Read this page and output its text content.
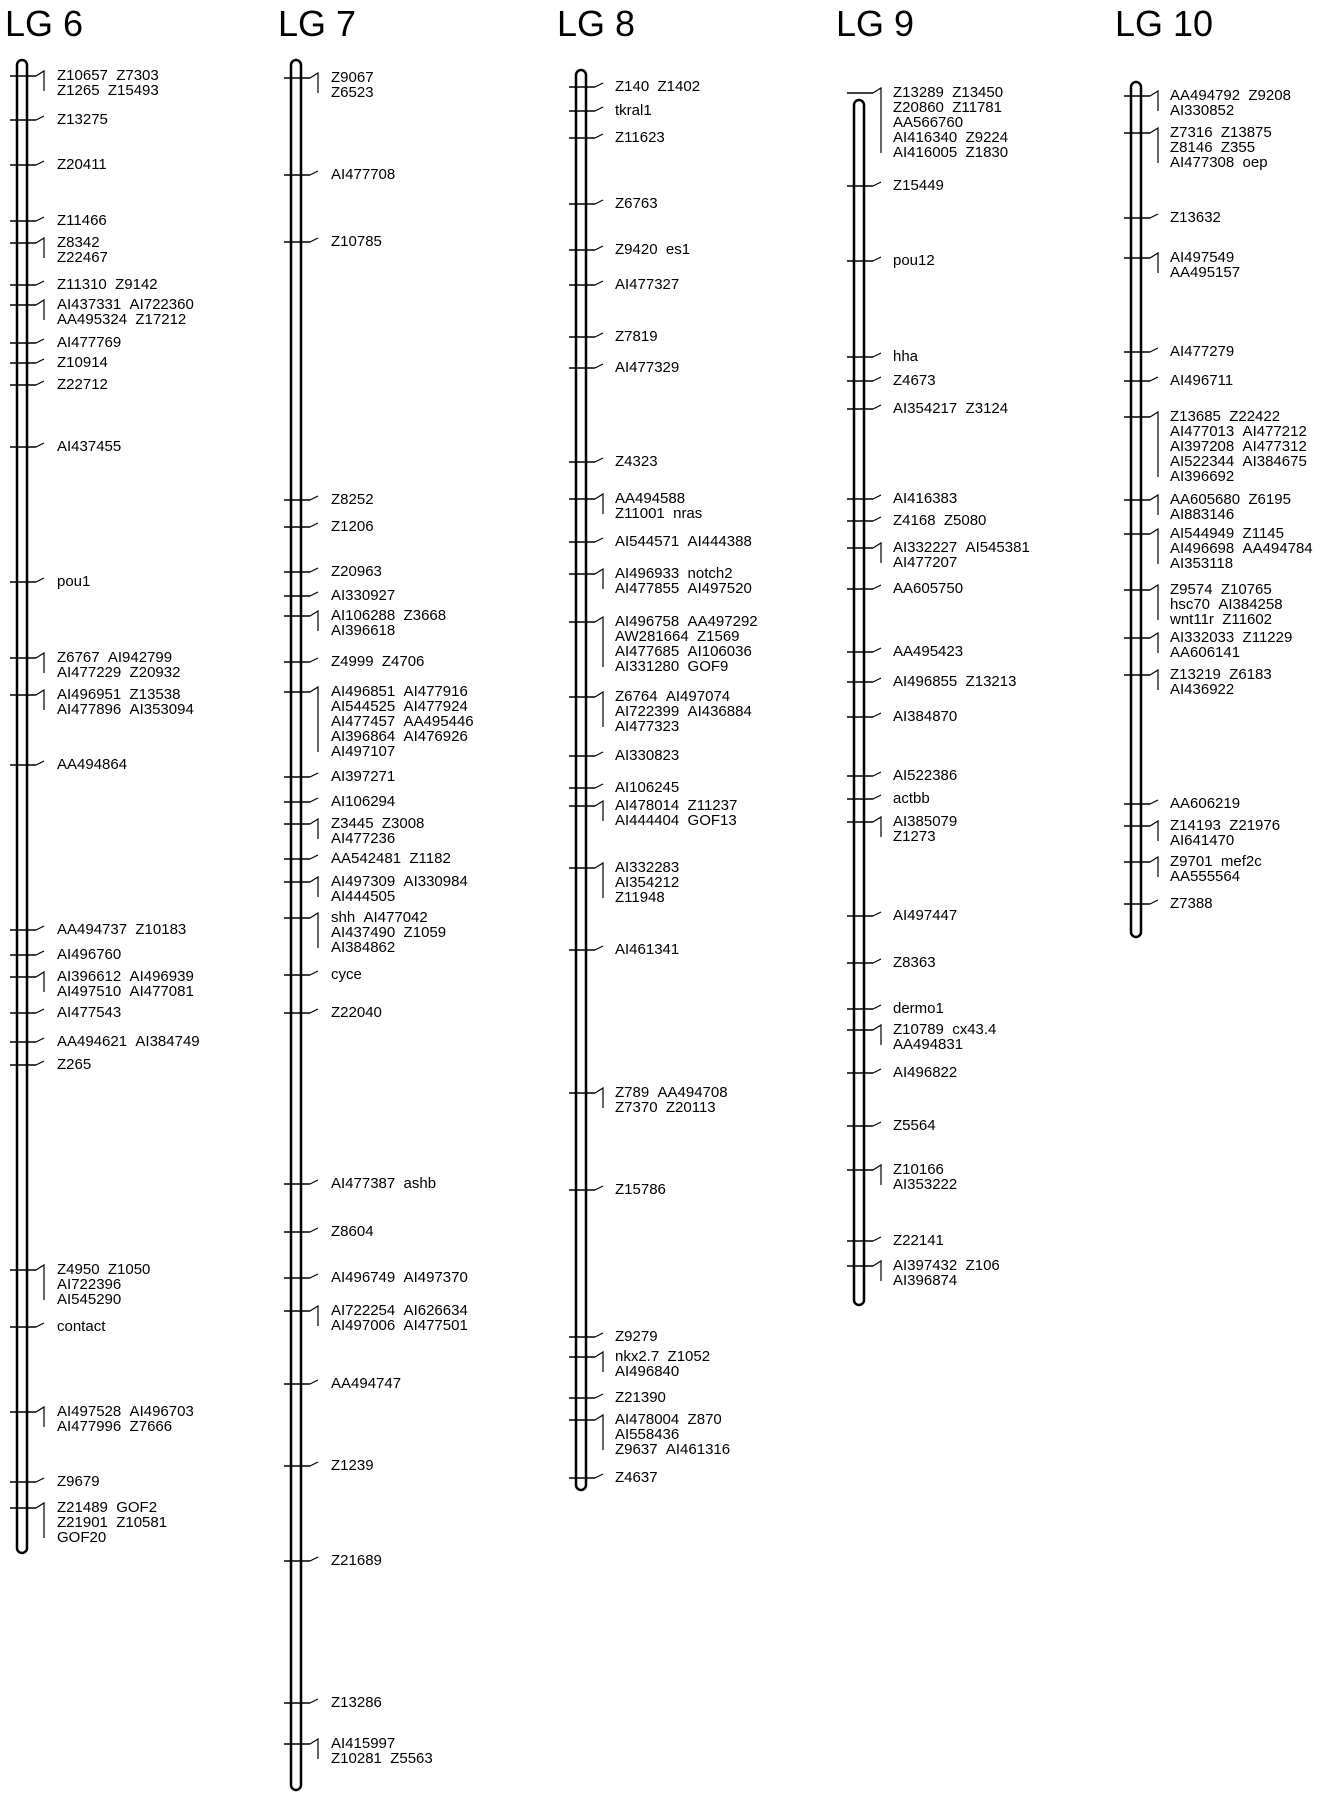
LG 6	LG 7	LG 8	LG 9	LG 10
Z10657  Z7303
Z1265  Z15493
Z13275
Z20411
Z11466
Z8342
Z22467
Z11310  Z9142
AI437331  AI722360
AA495324  Z17212
AI477769
Z10914
Z22712
AI437455
pou1
Z6767  AI942799
AI477229  Z20932
AI496951  Z13538
AI477896  AI353094
AA494864
AA494737  Z10183
AI496760
AI396612  AI496939
AI497510  AI477081
AI477543
AA494621  AI384749
Z265
Z4950  Z1050
AI722396
AI545290
contact
AI497528  AI496703
AI477996  Z7666
Z9679
Z21489  GOF2
Z21901  Z10581
GOF20
Z9067
Z6523
AI477708
Z10785
Z8252
Z1206
Z20963
AI330927
AI106288  Z3668
AI396618
Z4999  Z4706
AI496851  AI477916
AI544525  AI477924
AI477457  AA495446
AI396864  AI476926
AI497107
AI397271
AI106294
Z3445  Z3008
AI477236
AA542481  Z1182
AI497309  AI330984
AI444505
shh  AI477042
AI437490  Z1059
AI384862
cyce
Z22040
AI477387  ashb
Z8604
AI496749  AI497370
AI722254  AI626634
AI497006  AI477501
AA494747
Z1239
Z21689
Z13286
AI415997
Z10281  Z5563
Z140  Z1402
tkral1
Z11623
Z6763
Z9420  es1
AI477327
Z7819
AI477329
Z4323
AA494588
Z11001  nras
AI544571  AI444388
AI496933  notch2
AI477855  AI497520
AI496758  AA497292
AW281664  Z1569
AI477685  AI106036
AI331280  GOF9
Z6764  AI497074
AI722399  AI436884
AI477323
AI330823
AI106245
AI478014  Z11237
AI444404  GOF13
AI332283
AI354212
Z11948
AI461341
Z789  AA494708
Z7370  Z20113
Z15786
Z9279
nkx2.7  Z1052
AI496840
Z21390
AI478004  Z870
AI558436
Z9637  AI461316
Z4637
Z13289  Z13450
Z20860  Z11781
AA566760
AI416340  Z9224
AI416005  Z1830
Z15449
pou12
hha
Z4673
AI354217  Z3124
AI416383
Z4168  Z5080
AI332227  AI545381
AI477207
AA605750
AA495423
AI496855  Z13213
AI384870
AI522386
actbb
AI385079
Z1273
AI497447
Z8363
dermo1
Z10789  cx43.4
AA494831
AI496822
Z5564
Z10166
AI353222
Z22141
AI397432  Z106
AI396874
AA494792  Z9208
AI330852
Z7316  Z13875
Z8146  Z355
AI477308  oep
Z13632
AI497549
AA495157
AI477279
AI496711
Z13685  Z22422
AI477013  AI477212
AI397208  AI477312
AI522344  AI384675
AI396692
AA605680  Z6195
AI883146
AI544949  Z1145
AI496698  AA494784
AI353118
Z9574  Z10765
hsc70  AI384258
wnt11r  Z11602
AI332033  Z11229
AA606141
Z13219  Z6183
AI436922
AA606219
Z14193  Z21976
AI641470
Z9701  mef2c
AA555564
Z7388
